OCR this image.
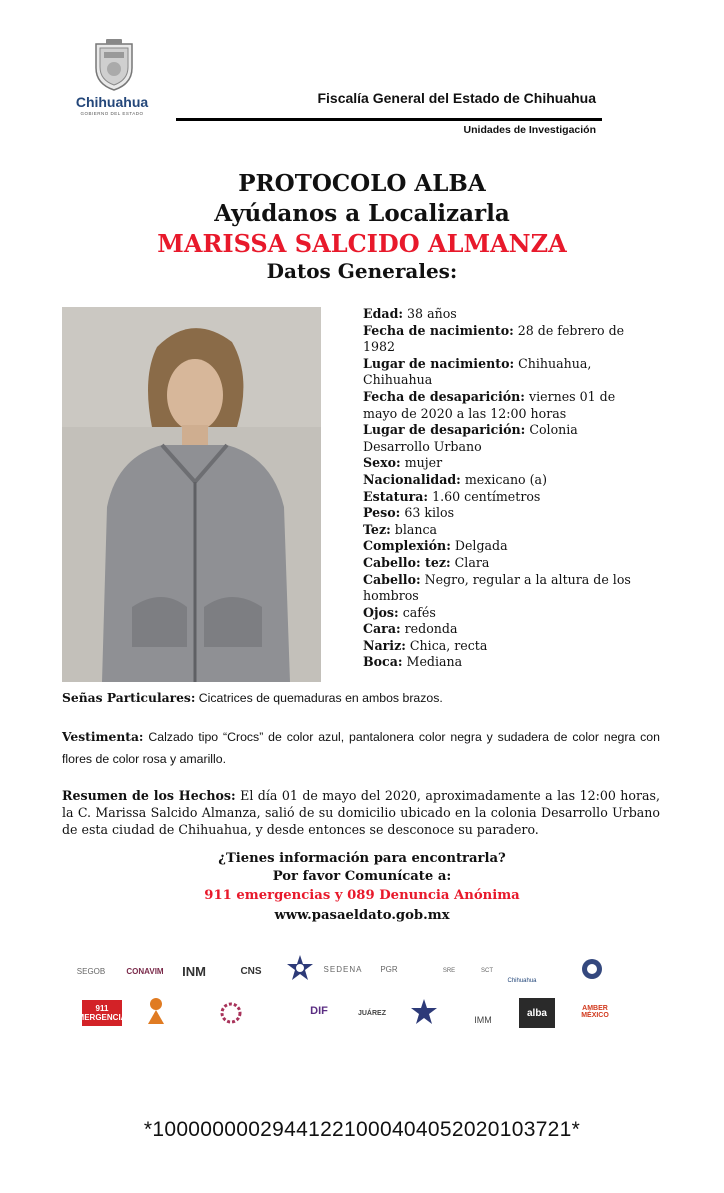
Chihuahua
GOBIERNO DEL ESTADO
Fiscalía General del Estado de Chihuahua
Unidades de Investigación
PROTOCOLO ALBA
Ayúdanos a Localizarla
MARISSA SALCIDO ALMANZA
Datos Generales:
Edad: 38 años
Fecha de nacimiento: 28 de febrero de 1982
Lugar de nacimiento: Chihuahua, Chihuahua
Fecha de desaparición: viernes 01 de mayo de 2020 a las 12:00 horas
Lugar de desaparición: Colonia Desarrollo Urbano
Sexo: mujer
Nacionalidad: mexicano (a)
Estatura: 1.60 centímetros
Peso: 63 kilos
Tez: blanca
Complexión: Delgada
Cabello: tez: Clara
Cabello: Negro, regular a la altura de los hombros
Ojos: cafés
Cara: redonda
Nariz: Chica, recta
Boca: Mediana
Señas Particulares: Cicatrices de quemaduras en ambos brazos.
Vestimenta: Calzado tipo “Crocs” de color azul, pantalonera color negra y sudadera de color negra con flores de color rosa y amarillo.
Resumen de los Hechos: El día 01 de mayo del 2020, aproximadamente a las 12:00 horas, la C. Marissa Salcido Almanza, salió de su domicilio ubicado en la colonia Desarrollo Urbano de esta ciudad de Chihuahua, y desde entonces se desconoce su paradero.
¿Tienes información para encontrarla?
Por favor Comunícate a:
911 emergencias y 089 Denuncia Anónima
www.pasaeldato.gob.mx
SEGOB	CONAVIM	INM	CNS	SEDENA	PGR	SRE	SCT
Chihuahua
911 EMERGENCIAS
DIF	JUÁREZ
IMM
alba	AMBER MÉXICO
*10000000029441221000404052020103721*
